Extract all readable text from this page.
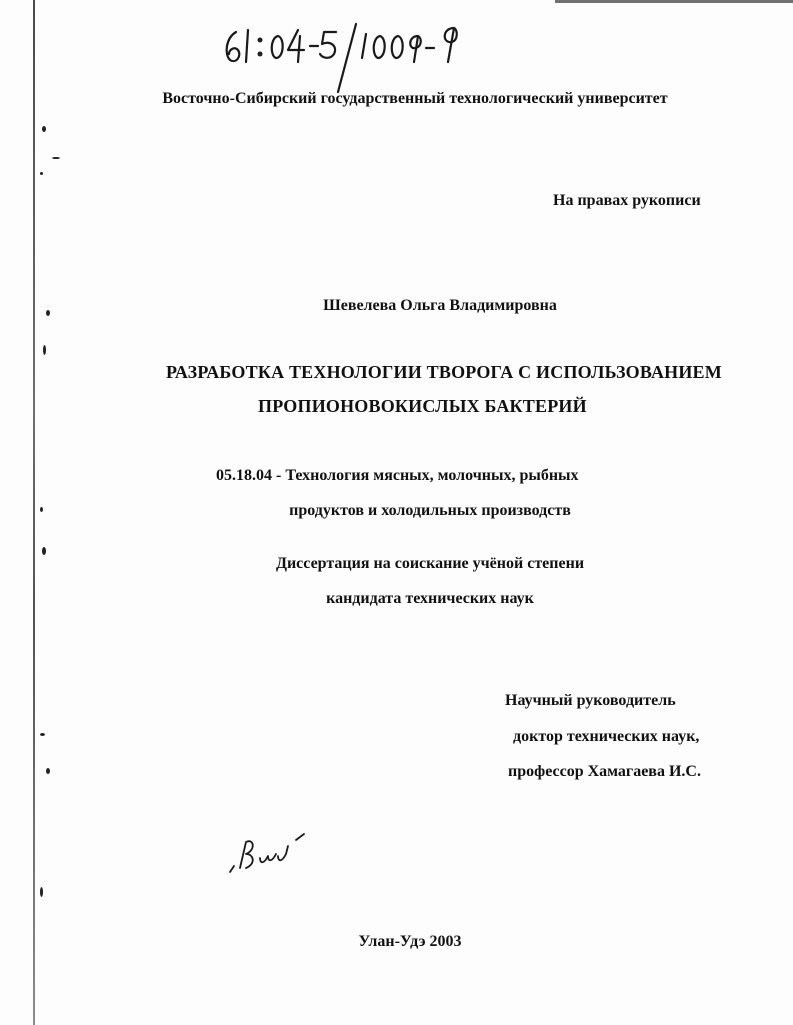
Восточно-Сибирский государственный технологический университет
На правах рукописи
Шевелева Ольга Владимировна
РАЗРАБОТКА ТЕХНОЛОГИИ ТВОРОГА С ИСПОЛЬЗОВАНИЕМ
ПРОПИОНОВОКИСЛЫХ БАКТЕРИЙ
05.18.04 - Технология мясных, молочных, рыбных
продуктов и холодильных производств
Диссертация на соискание учёной степени
кандидата технических наук
Научный руководитель
доктор технических наук,
профессор Хамагаева И.С.
Улан-Удэ 2003
